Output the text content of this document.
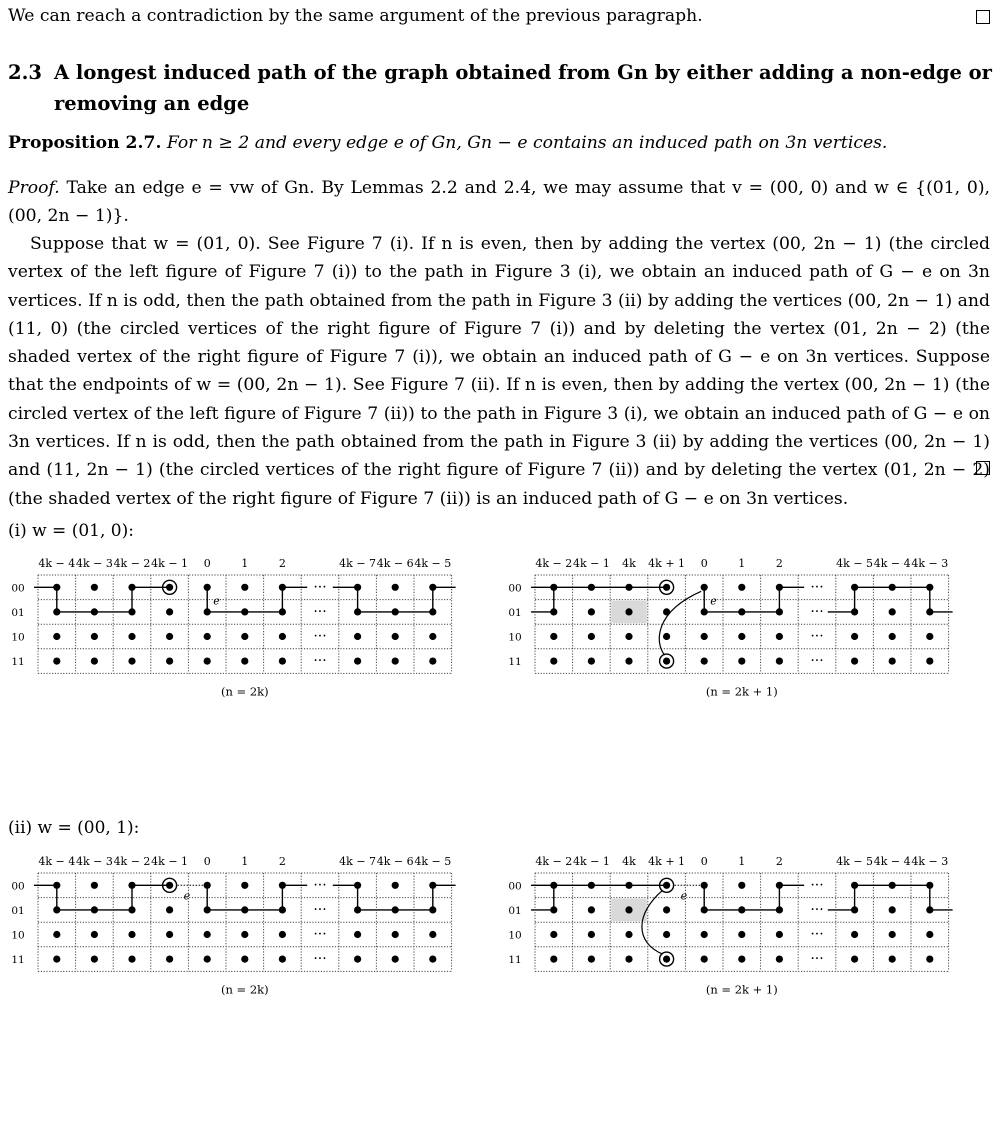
We can reach a contradiction by the same argument of the previous paragraph.
2.3 A longest induced path of the graph obtained from Gn by either adding a non-edge or removing an edge
Proposition 2.7. For n ≥ 2 and every edge e of Gn, Gn − e contains an induced path on 3n vertices.
Proof. Take an edge e = vw of Gn. By Lemmas 2.2 and 2.4, we may assume that v = (00, 0) and w ∈ {(01, 0), (00, 2n − 1)}.
Suppose that w = (01, 0). See Figure 7 (i). If n is even, then by adding the vertex (00, 2n − 1) (the circled vertex of the left figure of Figure 7 (i)) to the path in Figure 3 (i), we obtain an induced path of G − e on 3n vertices. If n is odd, then the path obtained from the path in Figure 3 (ii) by adding the vertices (00, 2n − 1) and (11, 0) (the circled vertices of the right figure of Figure 7 (i)) and by deleting the vertex (01, 2n − 2) (the shaded vertex of the right figure of Figure 7 (i)), we obtain an induced path of G − e on 3n vertices. Suppose that the endpoints of w = (00, 2n − 1). See Figure 7 (ii). If n is even, then by adding the vertex (00, 2n − 1) (the circled vertex of the left figure of Figure 7 (ii)) to the path in Figure 3 (i), we obtain an induced path of G − e on 3n vertices. If n is odd, then the path obtained from the path in Figure 3 (ii) by adding the vertices (00, 2n − 1) and (11, 2n − 1) (the circled vertices of the right figure of Figure 7 (ii)) and by deleting the vertex (01, 2n − 2) (the shaded vertex of the right figure of Figure 7 (ii)) is an induced path of G − e on 3n vertices.
(i) w = (01, 0):
(ii) w = (00, 1):
00
01
10
11
4k − 4 4k − 3 4k − 2 4k − 1 0	1	2	4k − 7 4k − 6 4k − 5
e
···
···
···
···
(n = 2k)
00
01
10
11
4k − 2 4k − 1 4k 4k + 1 0	1	2	4k − 5 4k − 4 4k − 3
e
···
···
···
···
(n = 2k + 1)
00
01
10
11
4k − 4 4k − 3 4k − 2 4k − 1 0	1	2	4k − 7 4k − 6 4k − 5
e
···
···
···
···
(n = 2k)
00
01
10
11
4k − 2 4k − 1 4k 4k + 1 0	1	2	4k − 5 4k − 4 4k − 3
e
···
···
···
···
(n = 2k + 1)
